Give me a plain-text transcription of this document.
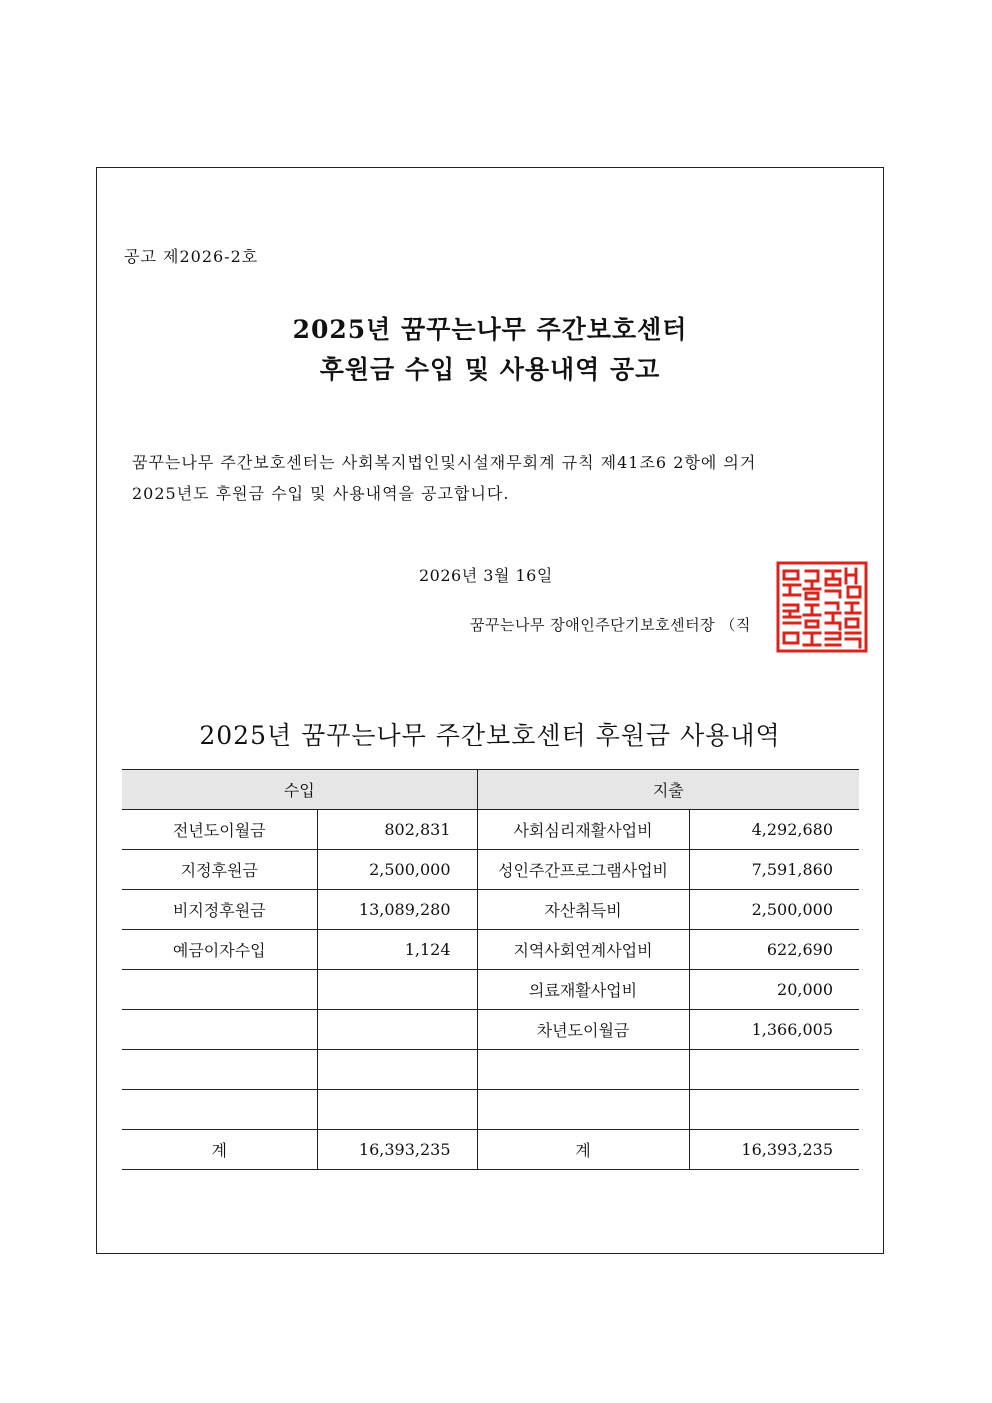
공고 제2026-2호
2025년 꿈꾸는나무 주간보호센터
후원금 수입 및 사용내역 공고
꿈꾸는나무 주간보호센터는 사회복지법인및시설재무회계 규칙 제41조6 2항에 의거
2025년도 후원금 수입 및 사용내역을 공고합니다.
2026년 3월 16일
꿈꾸는나무 장애인주단기보호센터장 （직
2025년 꿈꾸는나무 주간보호센터 후원금 사용내역
수입		지출	
전년도이월금	802,831	사회심리재활사업비	4,292,680
지정후원금	2,500,000	성인주간프로그램사업비	7,591,860
비지정후원금	13,089,280	자산취득비	2,500,000
예금이자수입	1,124	지역사회연계사업비	622,690
		의료재활사업비	20,000
		차년도이월금	1,366,005

계	16,393,235	계	16,393,235
